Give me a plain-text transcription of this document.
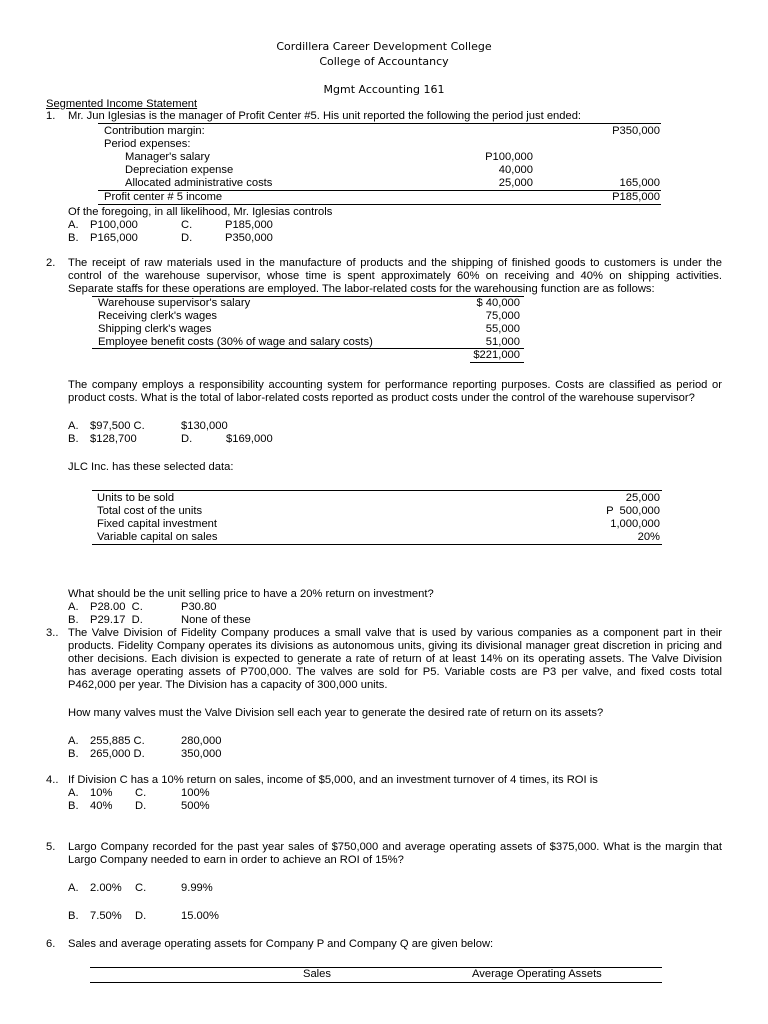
Cordillera Career Development College
College of Accountancy
Mgmt Accounting 161
Segmented Income Statement
1. Mr. Jun Iglesias is the manager of Profit Center #5. His unit reported the following the period just ended:
Contribution margin:	P350,000
Period expenses:
Manager's salary	P100,000
Depreciation expense	40,000
Allocated administrative costs	25,000	165,000
Profit center # 5 income	P185,000
Of the foregoing, in all likelihood, Mr. Iglesias controls
A. P100,000	C.	P185,000
B. P165,000	D.	P350,000
2. The receipt of raw materials used in the manufacture of products and the shipping of finished goods to customers is under the
control of the warehouse supervisor, whose time is spent approximately 60% on receiving and 40% on shipping activities.
Separate staffs for these operations are employed. The labor-related costs for the warehousing function are as follows:
Warehouse supervisor's salary	$ 40,000
Receiving clerk's wages	75,000
Shipping clerk's wages	55,000
Employee benefit costs (30% of wage and salary costs)	51,000
$221,000
The company employs a responsibility accounting system for performance reporting purposes. Costs are classified as period or
product costs. What is the total of labor-related costs reported as product costs under the control of the warehouse supervisor?
A. $97,500 C.	$130,000
B. $128,700	D.	$169,000
JLC Inc. has these selected data:
Units to be sold	25,000
Total cost of the units	P  500,000
Fixed capital investment	1,000,000
Variable capital on sales	20%
What should be the unit selling price to have a 20% return on investment?
A. P28.00  C.	P30.80
B. P29.17  D.	None of these
3.. The Valve Division of Fidelity Company produces a small valve that is used by various companies as a component part in their
products. Fidelity Company operates its divisions as autonomous units, giving its divisional manager great discretion in pricing and
other decisions. Each division is expected to generate a rate of return of at least 14% on its operating assets. The Valve Division
has average operating assets of P700,000. The valves are sold for P5. Variable costs are P3 per valve, and fixed costs total
P462,000 per year. The Division has a capacity of 300,000 units.
How many valves must the Valve Division sell each year to generate the desired rate of return on its assets?
A. 255,885 C.	280,000
B. 265,000 D.	350,000
4.. If Division C has a 10% return on sales, income of $5,000, and an investment turnover of 4 times, its ROI is
A. 10% C.	100%
B. 40% D.	500%
5. Largo Company recorded for the past year sales of $750,000 and average operating assets of $375,000. What is the margin that
Largo Company needed to earn in order to achieve an ROI of 15%?
A. 2.00% C.	9.99%
B. 7.50% D.	15.00%
6. Sales and average operating assets for Company P and Company Q are given below:
Sales	Average Operating Assets
